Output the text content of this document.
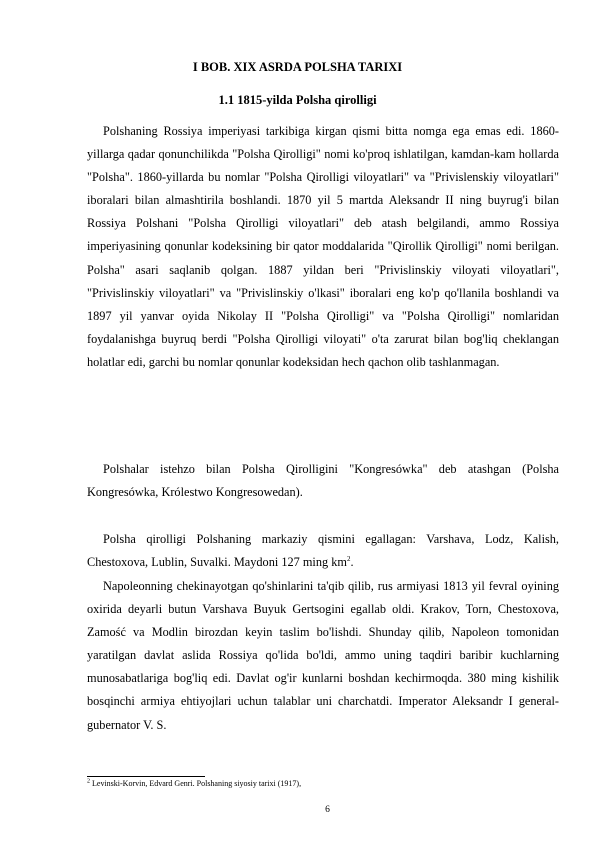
I BOB. XIX ASRDA POLSHA TARIXI

1.1 1815-yilda Polsha qirolligi

Polshaning Rossiya imperiyasi tarkibiga kirgan qismi bitta nomga ega emas edi. 1860-yillarga qadar qonunchilikda "Polsha Qirolligi" nomi ko'proq ishlatilgan, kamdan-kam hollarda "Polsha". 1860-yillarda bu nomlar "Polsha Qirolligi viloyatlari" va "Privislenskiy viloyatlari" iboralari bilan almashtirila boshlandi. 1870 yil 5 martda Aleksandr II ning buyrug'i bilan Rossiya Polshani "Polsha Qirolligi viloyatlari" deb atash belgilandi, ammo Rossiya imperiyasining qonunlar kodeksining bir qator moddalarida "Qirollik Qirolligi" nomi berilgan. Polsha" asari saqlanib qolgan. 1887 yildan beri "Privislinskiy viloyati viloyatlari", "Privislinskiy viloyatlari" va "Privislinskiy o'lkasi" iboralari eng ko'p qo'llanila boshlandi va 1897 yil yanvar oyida Nikolay II "Polsha Qirolligi" va "Polsha Qirolligi" nomlaridan foydalanishga buyruq berdi "Polsha Qirolligi viloyati" o'ta zarurat bilan bog'liq cheklangan holatlar edi, garchi bu nomlar qonunlar kodeksidan hech qachon olib tashlanmagan.

Polshalar istehzo bilan Polsha Qirolligini "Kongresówka" deb atashgan (Polsha Kongresówka, Królestwo Kongresowedan).

Polsha qirolligi Polshaning markaziy qismini egallagan: Varshava, Lodz, Kalish, Chestoxova, Lublin, Suvalki. Maydoni 127 ming $km^2$.

Napoleonning chekinayotgan qo'shinlarini ta'qib qilib, rus armiyasi 1813 yil fevral oyining oxirida deyarli butun Varshava Buyuk Gertsogini egallab oldi. Krakov, Torn, Chestoxova, Zamość va Modlin birozdan keyin taslim bo'lishdi. Shunday qilib, Napoleon tomonidan yaratilgan davlat aslida Rossiya qo'lida bo'ldi, ammo uning taqdiri baribir kuchlarning munosabatlariga bog'liq edi. Davlat og'ir kunlarni boshdan kechirmoqda. 380 ming kishilik bosqinchi armiya ehtiyojlari uchun talablar uni charchatdi. Imperator Aleksandr I general-gubernator V. S.

$^2$ Levinski-Korvin, Edvard Genri. Polshaning siyosiy tarixi (1917),

6
